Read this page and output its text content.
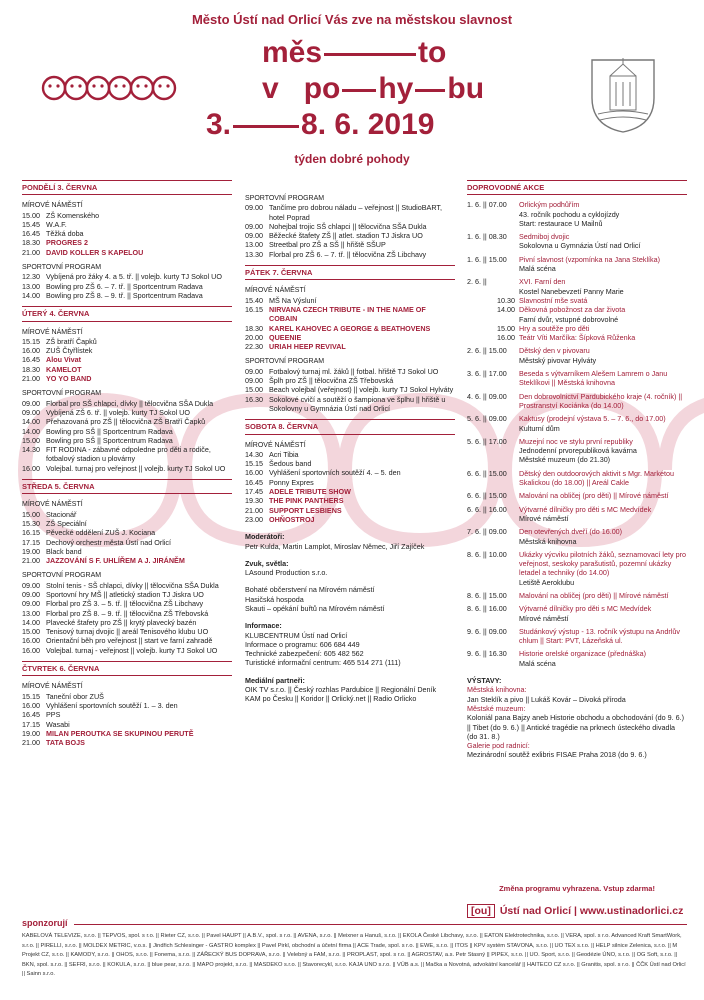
Město Ústí nad Orlicí Vás zve na městskou slavnost
měs	to
v po hy bu
3. 8. 6. 2019
týden dobré pohody
PONDĚLÍ 3. ČERVNA
MÍROVÉ NÁMĚSTÍ
15.00 ZŠ Komenského
15.45 W.A.F.
16.45 Těžká doba
18.30 PROGRES 2
21.00 DAVID KOLLER S KAPELOU
SPORTOVNÍ PROGRAM
12.30 Vybíjená pro žáky 4. a 5. tř. || volejb. kurty TJ Sokol UO
13.00 Bowling pro ZŠ 6. – 7. tř. || Sportcentrum Radava
14.00 Bowling pro ZŠ 8. – 9. tř. || Sportcentrum Radava
ÚTERÝ 4. ČERVNA
MÍROVÉ NÁMĚSTÍ
15.15 ZŠ bratří Čapků
16.00 ZUŠ Čtyřlístek
16.45 Alou Vivat
18.30 KAMELOT
21.00 YO YO BAND
SPORTOVNÍ PROGRAM
09.00 Florbal pro SŠ chlapci, dívky || tělocvična SŠA Dukla
09.00 Vybíjená ZŠ 6. tř. || volejb. kurty TJ Sokol UO
14.00 Přehazovaná pro ZŠ || tělocvična ZŠ Bratří Čapků
14.00 Bowling pro SŠ || Sportcentrum Radava
15.00 Bowling pro SŠ || Sportcentrum Radava
14.30 FIT RODINA - zábavné odpoledne pro děti a rodiče, fotbalový stadion u plovárny
16.00 Volejbal. turnaj pro veřejnost || volejb. kurty TJ Sokol UO
STŘEDA 5. ČERVNA
MÍROVÉ NÁMĚSTÍ
15.00 Stacionář
15.30 ZŠ Speciální
16.15 Pěvecké oddělení ZUŠ J. Kociana
17.15 Dechový orchestr města Ústí nad Orlicí
19.00 Black band
21.00 JAZZOVÁNÍ S F. UHLÍŘEM A J. JIRÁNĚM
SPORTOVNÍ PROGRAM
09.00 Stolní tenis - SŠ chlapci, dívky || tělocvična SŠA Dukla
09.00 Sportovní hry MŠ || atletický stadion TJ Jiskra UO
09.00 Florbal pro ZŠ 3. – 5. tř. || tělocvična ZŠ Libchavy
13.00 Florbal pro ZŠ 8. – 9. tř. || tělocvična ZŠ Třebovská
14.00 Plavecké štafety pro ZŠ || krytý plavecký bazén
15.00 Tenisový turnaj dvojic || areál Tenisového klubu UO
16.00 Orientační běh pro veřejnost || start ve farní zahradě
16.00 Volejbal. turnaj - veřejnost || volejb. kurty TJ Sokol UO
ČTVRTEK 6. ČERVNA
MÍROVÉ NÁMĚSTÍ
15.15 Taneční obor ZUŠ
16.00 Vyhlášení sportovních soutěží 1. – 3. den
16.45 PPS
17.15 Wasabi
19.00 MILAN PEROUTKA SE SKUPINOU PERUTĚ
21.00 TATA BOJS
SPORTOVNÍ PROGRAM
09.00 Tančíme pro dobrou náladu – veřejnost || StudioBART, hotel Poprad
09.00 Nohejbal trojic SŠ chlapci || tělocvična SŠA Dukla
09.00 Běžecké štafety ZŠ || atlet. stadion TJ Jiskra UO
13.00 Streetbal pro ZŠ a SŠ || hřiště SŠUP
13.30 Florbal pro ZŠ 6. – 7. tř. || tělocvična ZŠ Libchavy
PÁTEK 7. ČERVNA
MÍROVÉ NÁMĚSTÍ
15.40 MŠ Na Výsluní
16.15 NIRVANA CZECH TRIBUTE - IN THE NAME OF COBAIN
18.30 KAREL KAHOVEC A GEORGE & BEATHOVENS
20.00 QUEENIE
22.30 URIAH HEEP REVIVAL
SPORTOVNÍ PROGRAM
09.00 Fotbalový turnaj ml. žáků || fotbal. hřiště TJ Sokol UO
09.00 Šplh pro ZŠ || tělocvična ZŠ Třebovská
15.00 Beach volejbal (veřejnost) || volejb. kurty TJ Sokol Hylváty
16.30 Sokolové cvičí a soutěží o šampiona ve šplhu || hřiště u Sokolovny u Gymnázia Ústí nad Orlicí
SOBOTA 8. ČERVNA
MÍROVÉ NÁMĚSTÍ
14.30 Acri Tibia
15.15 Šedous band
16.00 Vyhlášení sportovních soutěží 4. – 5. den
16.45 Ponny Expres
17.45 ADELE TRIBUTE SHOW
19.30 THE PINK PANTHERS
21.00 SUPPORT LESBIENS
23.00 OHŇOSTROJ
Moderátoři:
Petr Kulda, Martin Lamplot, Miroslav Němec, Jiří Zajíček
Zvuk, světla:
LAsound Production s.r.o.
Bohaté občerstvení na Mírovém náměstí
Hasičská hospoda
Skauti – opékání buřtů na Mírovém náměstí
Informace:
KLUBCENTRUM Ústí nad Orlicí
Informace o programu: 606 684 449
Technické zabezpečení: 605 482 562
Turistické informační centrum: 465 514 271 (111)
Mediální partneři:
OIK TV s.r.o. || Český rozhlas Pardubice || Regionální Deník
KAM po Česku || Koridor || Orlický.net || Radio Orlicko
DOPROVODNÉ AKCE
1. 6. || 07.00	Orlickým podhůřím
43. ročník pochodu a cyklojízdy
Start: restaurace U Mailnů
1. 6. || 08.30	Sedmiboj dvojic
Sokolovna u Gymnázia Ústí nad Orlicí
1. 6. || 15.00	Pivní slavnost (vzpomínka na Jana Steklíka)
Malá scéna
2. 6. ||	XVI. Farní den
Kostel Nanebevzetí Panny Marie
10.30 Slavnostní mše svatá
14.00 Děkovná pobožnost za dar života
Farní dvůr, vstupné dobrovolné
15.00 Hry a soutěže pro děti
16.00 Teátr Víti Marčíka: Šípková Růženka
2. 6. || 15.00	Dětský den v pivovaru
Městský pivovar Hylváty
3. 6. || 17.00	Beseda s výtvarníkem Alešem Lamrem o Janu Steklíkovi || Městská knihovna
4. 6. || 09.00	Den dobrovolnictví Pardubického kraje (4. ročník) || Prostranství Kociánka (do 14.00)
5. 6. || 09.00	Kaktusy (prodejní výstava 5. – 7. 6., do 17.00)
Kulturní dům
5. 6. || 17.00	Muzejní noc ve stylu první republiky
Jednodenní prvorepubliková kavárna
Městské muzeum (do 21.30)
6. 6. || 15.00	Dětský den outdoorových aktivit s Mgr. Markétou Skalickou (do 18.00) || Areál Cakle
6. 6. || 15.00	Malování na obličej (pro děti) || Mírové náměstí
6. 6. || 16.00	Výtvarné dílničky pro děti s MC Medvídek
Mírové náměstí
7. 6. || 09.00	Den otevřených dveří (do 16.00)
Městská knihovna
8. 6. || 10.00	Ukázky výcviku pilotních žáků, seznamovací lety pro veřejnost, seskoky parašutistů, pozemní ukázky letadel a techniky (do 14.00)
Letiště Aeroklubu
8. 6. || 15.00	Malování na obličej (pro děti) || Mírové náměstí
8. 6. || 16.00	Výtvarné dílničky pro děti s MC Medvídek
Mírové náměstí
9. 6. || 09.00	Studánkový výstup - 13. ročník výstupu na Andrlův chlum || Start: PVT, Lázeňská ul.
9. 6. || 16.30	Historie orelské organizace (přednáška)
Malá scéna
VÝSTAVY:
Městská knihovna:
Jan Steklík a pivo || Lukáš Kovár – Divoká příroda
Městské muzeum:
Koloniál pana Bajzy aneb Historie obchodu a obchodování (do 9. 6.) || Tibet (do 9. 6.) || Antické tragédie na prknech ústeckého divadla (do 31. 8.)
Galerie pod radnicí:
Mezinárodní soutěž exlibris FISAE Praha 2018 (do 9. 6.)
Změna programu vyhrazena. Vstup zdarma!
[ou] Ústí nad Orlicí | www.ustinadorlici.cz
sponzorují
KABELOVÁ TELEVIZE, s.r.o. || TEPVOS, spol. s r.o. || Rieter CZ, s.r.o. || Pavel HAUPT || A.B.V., spol. s r.o. || AVENA, s.r.o. || Meixner a Hanuš, s.r.o. || EKOLA České Libchavy, s.r.o. || EATON Elektrotechnika, s.r.o. || VERA, spol. s r.o. Advanced Kraft SmartWork, s.r.o. || PIRELLI, s.r.o. || MOLDEX METRIC, v.o.s. || Jindřich Schlesinger - GASTRO komplex || Pavel Pirkl, obchodní a účetní firma || ACE Trade, spol. s r.o. || EWE, s.r.o. || ITOS || KPV systém STAVONA, s.r.o. || UO TEX s.r.o. || HELP silnice Zelenica, s.r.o. || M Projekt CZ, s.r.o. || KAMODY, s.r.o. || OHOS, s.r.o. || Fonema, s.r.o. || ZÁŘECKÝ BUS DOPRAVA, s.r.o. || Velebný a FAM, s.r.o. || PROPLAST, spol. s r.o. || AGROSTAV, a.s. Petr Stasný || PIPEX, s.r.o. || UO. Sport, s.r.o. || Geodézie ÚNO, s.r.o. || OG Soft, s.r.o. || BKN, spol. s.r.o. || SEFRI, s.r.o. || KOKULA, s.r.o. || blue pear, s.r.o. || MAPO projekt, s.r.o. || MASDEKO s.r.o. || Stavorecykl, s.r.o. KAJA UNO s.r.o. || VÚB a.s. || Mačka a Novotná, advokátní kancelář || HAITECO CZ s.r.o. || Granitis, spol. s r.o. || ČČK Ústí nad Orlicí || Sainn s.r.o.
